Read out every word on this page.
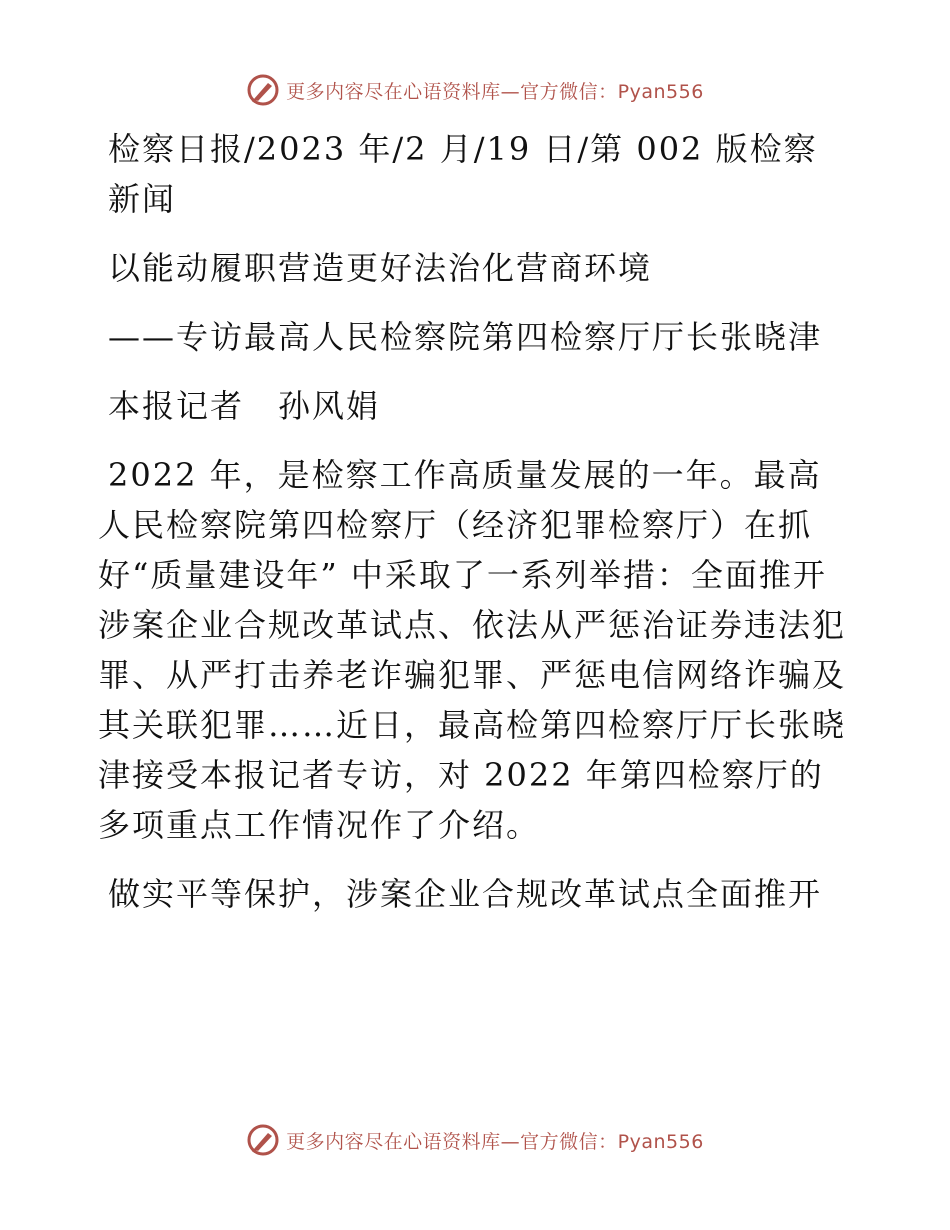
更多内容尽在心语资料库—官方微信：Pyan556

检察日报/2023 年/2 月/19 日/第 002 版检察新闻

以能动履职营造更好法治化营商环境

——专访最高人民检察院第四检察厅厅长张晓津

本报记者　孙风娟

2022 年，是检察工作高质量发展的一年。最高人民检察院第四检察厅（经济犯罪检察厅）在抓好“质量建设年” 中采取了一系列举措：全面推开涉案企业合规改革试点、依法从严惩治证券违法犯罪、从严打击养老诈骗犯罪、严惩电信网络诈骗及其关联犯罪……近日，最高检第四检察厅厅长张晓津接受本报记者专访，对 2022 年第四检察厅的多项重点工作情况作了介绍。

做实平等保护，涉案企业合规改革试点全面推开

更多内容尽在心语资料库—官方微信：Pyan556
